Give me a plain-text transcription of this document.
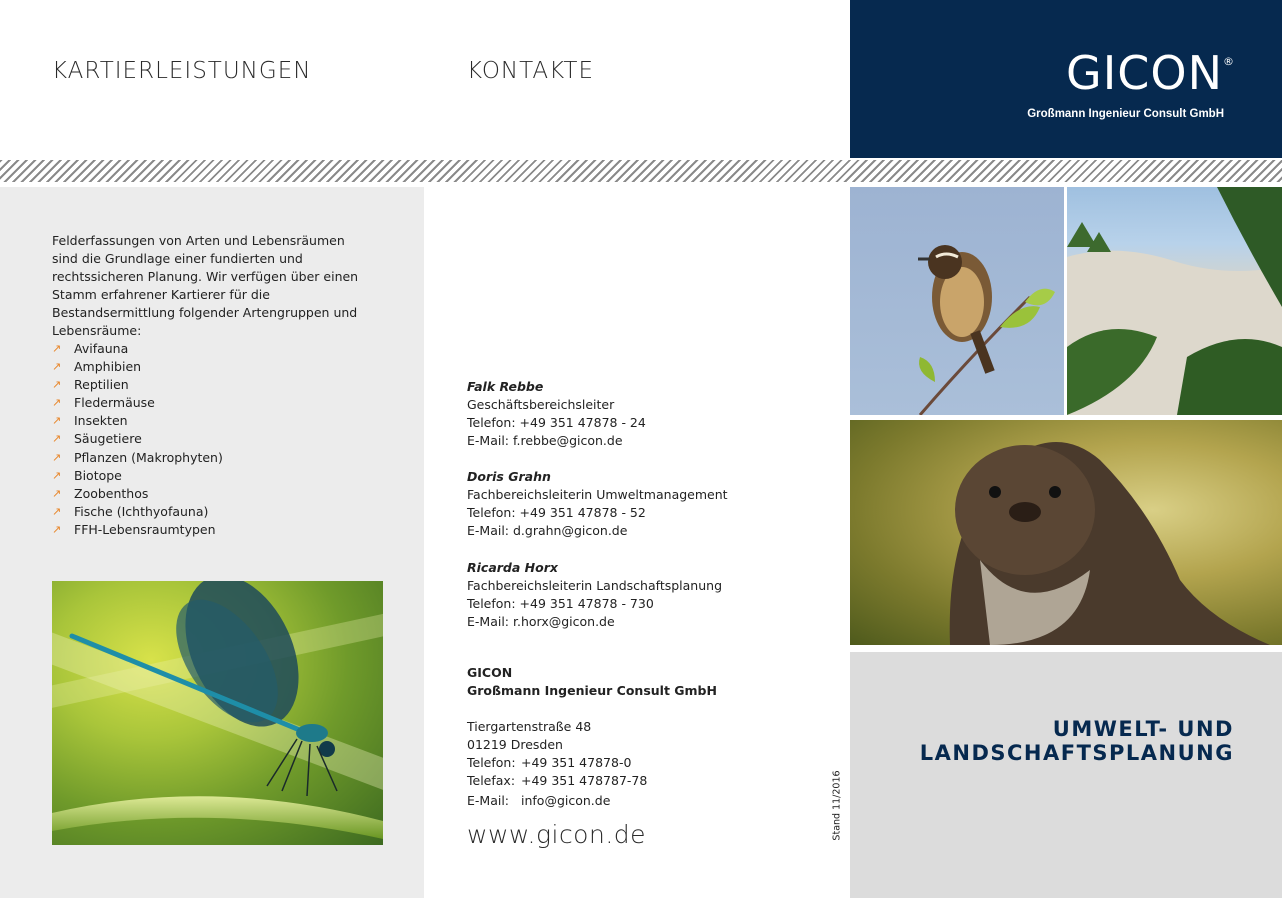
KARTIERLEISTUNGEN	KONTAKTE	GICON®
Großmann Ingenieur Consult GmbH
Felderfassungen von Arten und Lebensräumen sind die Grundlage einer fundierten und rechtssicheren Planung. Wir verfügen über einen Stamm erfahrener Kartierer für die Bestandsermittlung folgender Artengruppen und Lebensräume:
↗	Avifauna
↗	Amphibien
↗	Reptilien
↗	Fledermäuse
↗	Insekten
↗	Säugetiere
↗	Pflanzen (Makrophyten)
↗	Biotope
↗	Zoobenthos
↗	Fische (Ichthyofauna)
↗	FFH-Lebensraumtypen
Falk Rebbe
Geschäftsbereichsleiter
Telefon: +49 351 47878 - 24
E-Mail: f.rebbe@gicon.de
Doris Grahn
Fachbereichsleiterin Umweltmanagement
Telefon: +49 351 47878 - 52
E-Mail: d.grahn@gicon.de
Ricarda Horx
Fachbereichsleiterin Landschaftsplanung
Telefon: +49 351 47878 - 730
E-Mail: r.horx@gicon.de
GICON
Großmann Ingenieur Consult GmbH
Tiergartenstraße 48
01219 Dresden
Telefon: +49 351 47878-0
Telefax: +49 351 478787-78
E-Mail: info@gicon.de
www.gicon.de	Stand 11/2016
UMWELT- UND
LANDSCHAFTSPLANUNG
